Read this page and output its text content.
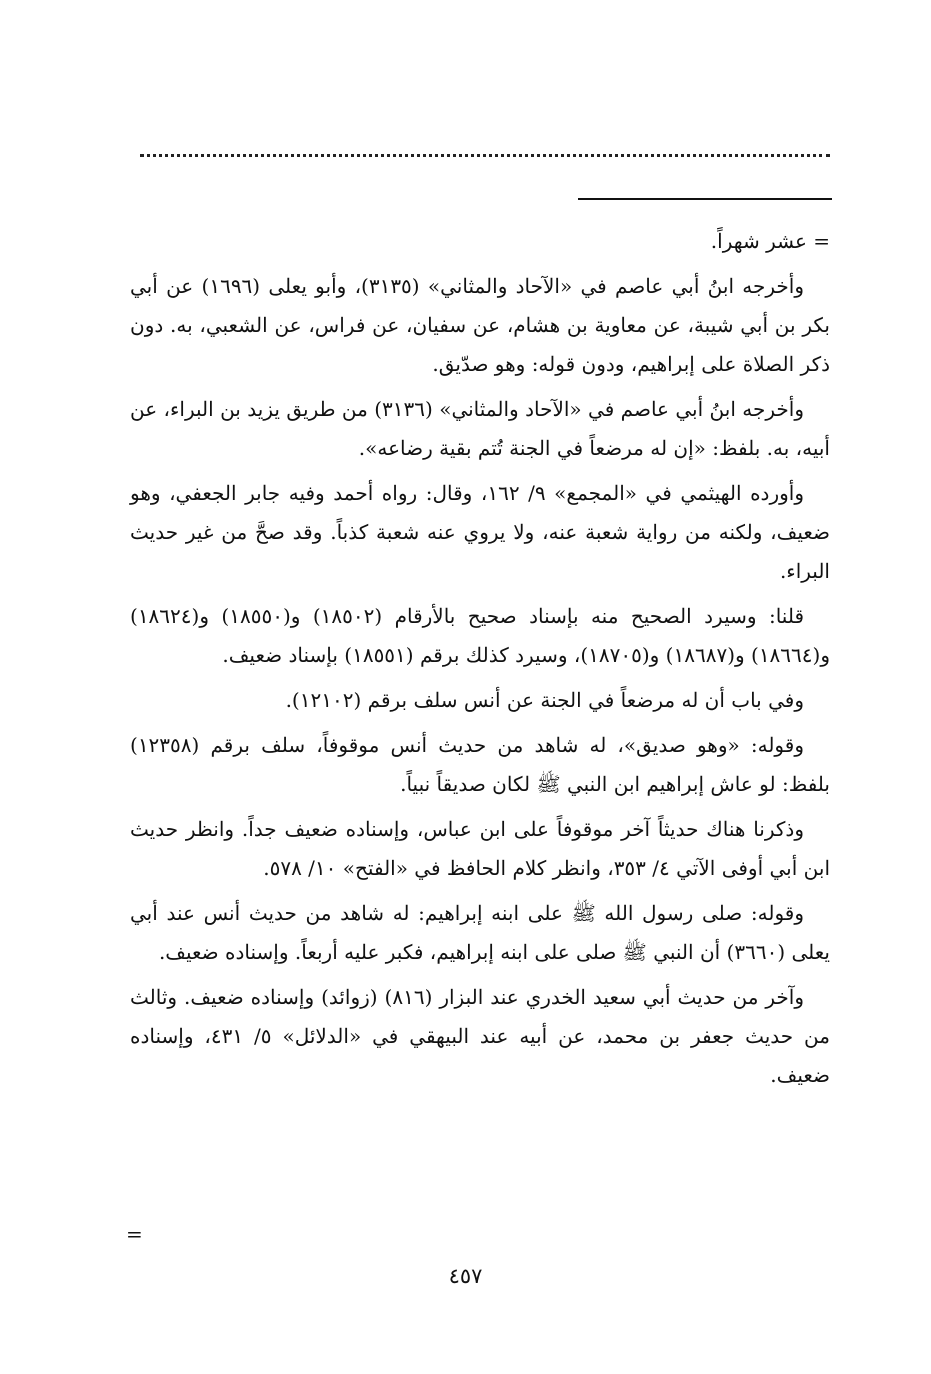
= عشر شهراً.

وأخرجه ابنُ أبي عاصم في «الآحاد والمثاني» (٣١٣٥)، وأبو يعلى (١٦٩٦) عن أبي بكر بن أبي شيبة، عن معاوية بن هشام، عن سفيان، عن فراس، عن الشعبي، به. دون ذكر الصلاة على إبراهيم، ودون قوله: وهو صدّيق.

وأخرجه ابنُ أبي عاصم في «الآحاد والمثاني» (٣١٣٦) من طريق يزيد بن البراء، عن أبيه، به. بلفظ: «إن له مرضعاً في الجنة تُتم بقية رضاعه».

وأورده الهيثمي في «المجمع» ٩/ ١٦٢، وقال: رواه أحمد وفيه جابر الجعفي، وهو ضعيف، ولكنه من رواية شعبة عنه، ولا يروي عنه شعبة كذباً. وقد صحَّ من غير حديث البراء.

قلنا: وسيرد الصحيح منه بإسناد صحيح بالأرقام (١٨٥٠٢) و(١٨٥٥٠) و(١٨٦٢٤) و(١٨٦٦٤) و(١٨٦٨٧) و(١٨٧٠٥)، وسيرد كذلك برقم (١٨٥٥١) بإسناد ضعيف.

وفي باب أن له مرضعاً في الجنة عن أنس سلف برقم (١٢١٠٢).

وقوله: «وهو صديق»، له شاهد من حديث أنس موقوفاً، سلف برقم (١٢٣٥٨) بلفظ: لو عاش إبراهيم ابن النبي ﷺ لكان صديقاً نبياً.

وذكرنا هناك حديثاً آخر موقوفاً على ابن عباس، وإسناده ضعيف جداً. وانظر حديث ابن أبي أوفى الآتي ٤/ ٣٥٣، وانظر كلام الحافظ في «الفتح» ١٠/ ٥٧٨.

وقوله: صلى رسول الله ﷺ على ابنه إبراهيم: له شاهد من حديث أنس عند أبي يعلى (٣٦٦٠) أن النبي ﷺ صلى على ابنه إبراهيم، فكبر عليه أربعاً. وإسناده ضعيف.

وآخر من حديث أبي سعيد الخدري عند البزار (٨١٦) (زوائد) وإسناده ضعيف. وثالث من حديث جعفر بن محمد، عن أبيه عند البيهقي في «الدلائل» ٥/ ٤٣١، وإسناده ضعيف.

=
٤٥٧
